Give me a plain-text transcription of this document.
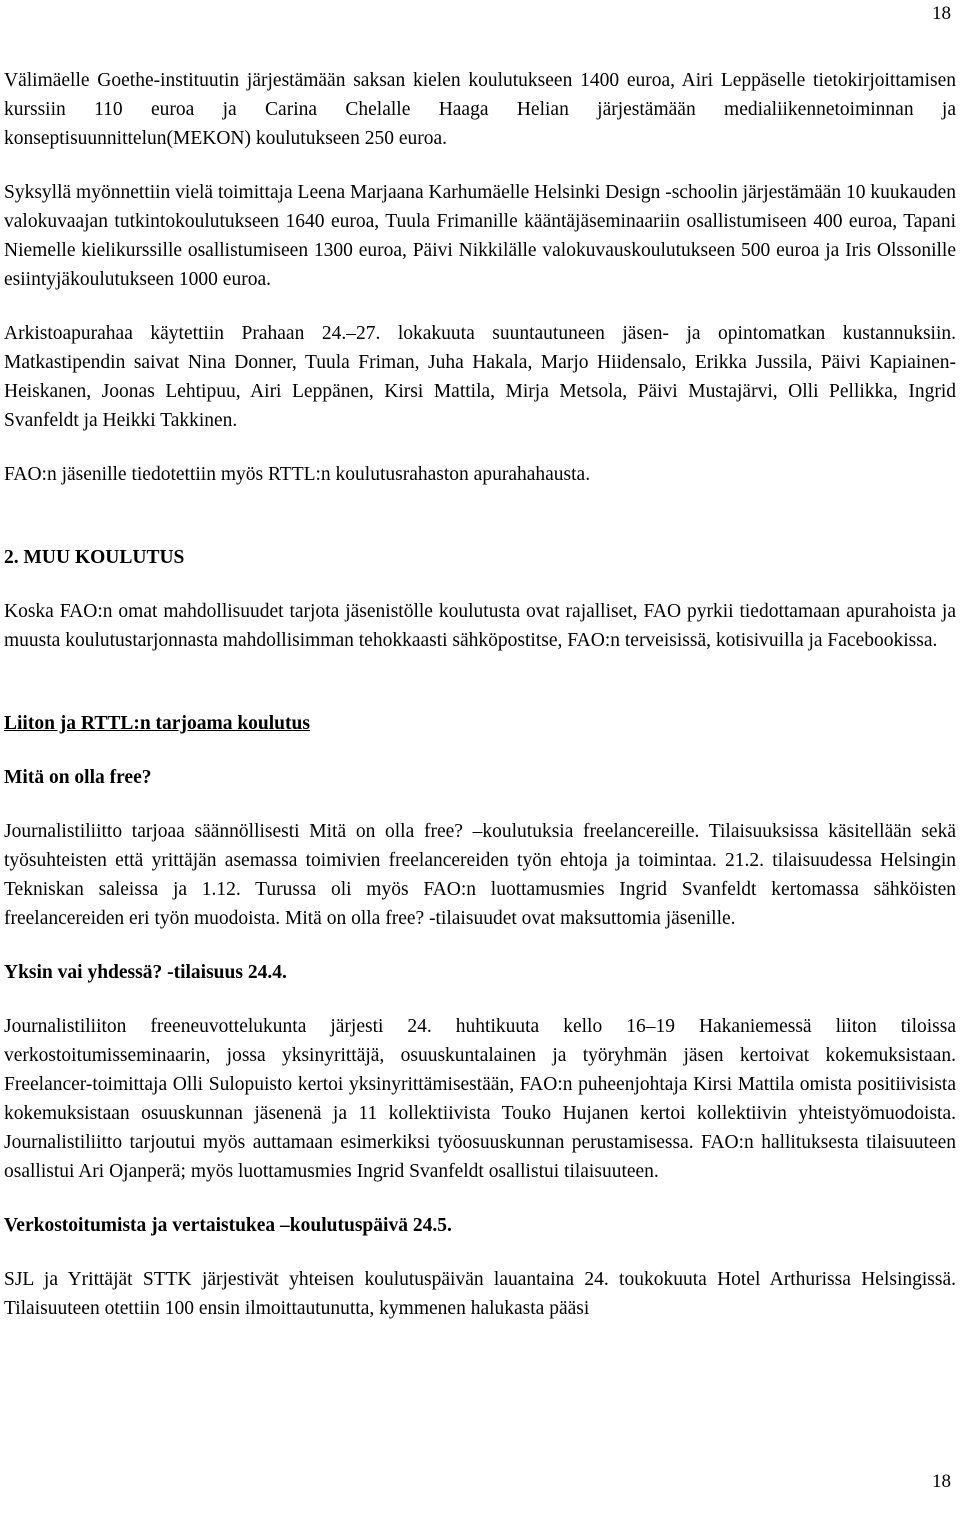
18

Välimäelle Goethe-instituutin järjestämään saksan kielen koulutukseen 1400 euroa, Airi Leppäselle tietokirjoittamisen kurssiin 110 euroa ja Carina Chelalle Haaga Helian järjestämään medialiikennetoiminnan ja konseptisuunnittelun(MEKON) koulutukseen 250 euroa.

Syksyllä myönnettiin vielä toimittaja Leena Marjaana Karhumäelle Helsinki Design -schoolin järjestämään 10 kuukauden valokuvaajan tutkintokoulutukseen 1640 euroa, Tuula Frimanille kääntäjäseminaariin osallistumiseen 400 euroa, Tapani Niemelle kielikurssille osallistumiseen 1300 euroa, Päivi Nikkilälle valokuvauskoulutukseen 500 euroa ja Iris Olssonille esiintyjäkoulutukseen 1000 euroa.

Arkistoapurahaa käytettiin Prahaan 24.–27. lokakuuta suuntautuneen jäsen- ja opintomatkan kustannuksiin. Matkastipendin saivat Nina Donner, Tuula Friman, Juha Hakala, Marjo Hiidensalo, Erikka Jussila, Päivi Kapiainen-Heiskanen, Joonas Lehtipuu, Airi Leppänen, Kirsi Mattila, Mirja Metsola, Päivi Mustajärvi, Olli Pellikka, Ingrid Svanfeldt ja Heikki Takkinen.

FAO:n jäsenille tiedotettiin myös RTTL:n koulutusrahaston apurahahausta.

2. MUU KOULUTUS

Koska FAO:n omat mahdollisuudet tarjota jäsenistölle koulutusta ovat rajalliset, FAO pyrkii tiedottamaan apurahoista ja muusta koulutustarjonnasta mahdollisimman tehokkaasti sähköpostitse, FAO:n terveisissä, kotisivuilla ja Facebookissa.

Liiton ja RTTL:n tarjoama koulutus
Mitä on olla free?

Journalistiliitto tarjoaa säännöllisesti Mitä on olla free? –koulutuksia freelancereille. Tilaisuuksissa käsitellään sekä työsuhteisten että yrittäjän asemassa toimivien freelancereiden työn ehtoja ja toimintaa. 21.2. tilaisuudessa Helsingin Tekniskan saleissa ja 1.12. Turussa oli myös FAO:n luottamusmies Ingrid Svanfeldt kertomassa sähköisten freelancereiden eri työn muodoista. Mitä on olla free? -tilaisuudet ovat maksuttomia jäsenille.

Yksin vai yhdessä? -tilaisuus 24.4.

Journalistiliiton freeneuvottelukunta järjesti 24. huhtikuuta kello 16–19 Hakaniemessä liiton tiloissa verkostoitumisseminaarin, jossa yksinyrittäjä, osuuskuntalainen ja työryhmän jäsen kertoivat kokemuksistaan. Freelancer-toimittaja Olli Sulopuisto kertoi yksinyrittämisestään, FAO:n puheenjohtaja Kirsi Mattila omista positiivisista kokemuksistaan osuuskunnan jäsenenä ja 11 kollektiivista Touko Hujanen kertoi kollektiivin yhteistyömuodoista. Journalistiliitto tarjoutui myös auttamaan esimerkiksi työosuuskunnan perustamisessa. FAO:n hallituksesta tilaisuuteen osallistui Ari Ojanperä; myös luottamusmies Ingrid Svanfeldt osallistui tilaisuuteen.

Verkostoitumista ja vertaistukea –koulutuspäivä 24.5.

SJL ja Yrittäjät STTK järjestivät yhteisen koulutuspäivän lauantaina 24. toukokuuta Hotel Arthurissa Helsingissä. Tilaisuuteen otettiin 100 ensin ilmoittautunutta, kymmenen halukasta pääsi

18
